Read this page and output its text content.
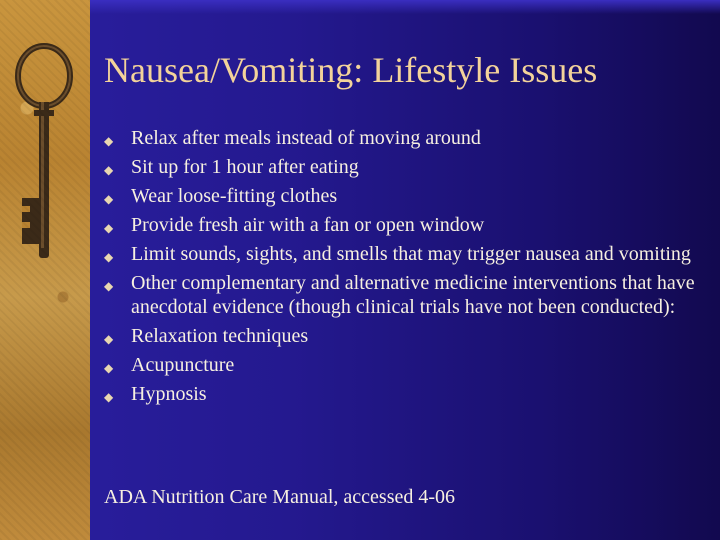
Nausea/Vomiting: Lifestyle Issues
◆ Relax after meals instead of moving around
◆ Sit up for 1 hour after eating
◆ Wear loose-fitting clothes
◆ Provide fresh air with a fan or open window
◆ Limit sounds, sights, and smells that may trigger nausea and vomiting
◆ Other complementary and alternative medicine interventions that have anecdotal evidence (though clinical trials have not been conducted):
◆ Relaxation techniques
◆ Acupuncture
◆ Hypnosis
ADA Nutrition Care Manual, accessed 4-06
